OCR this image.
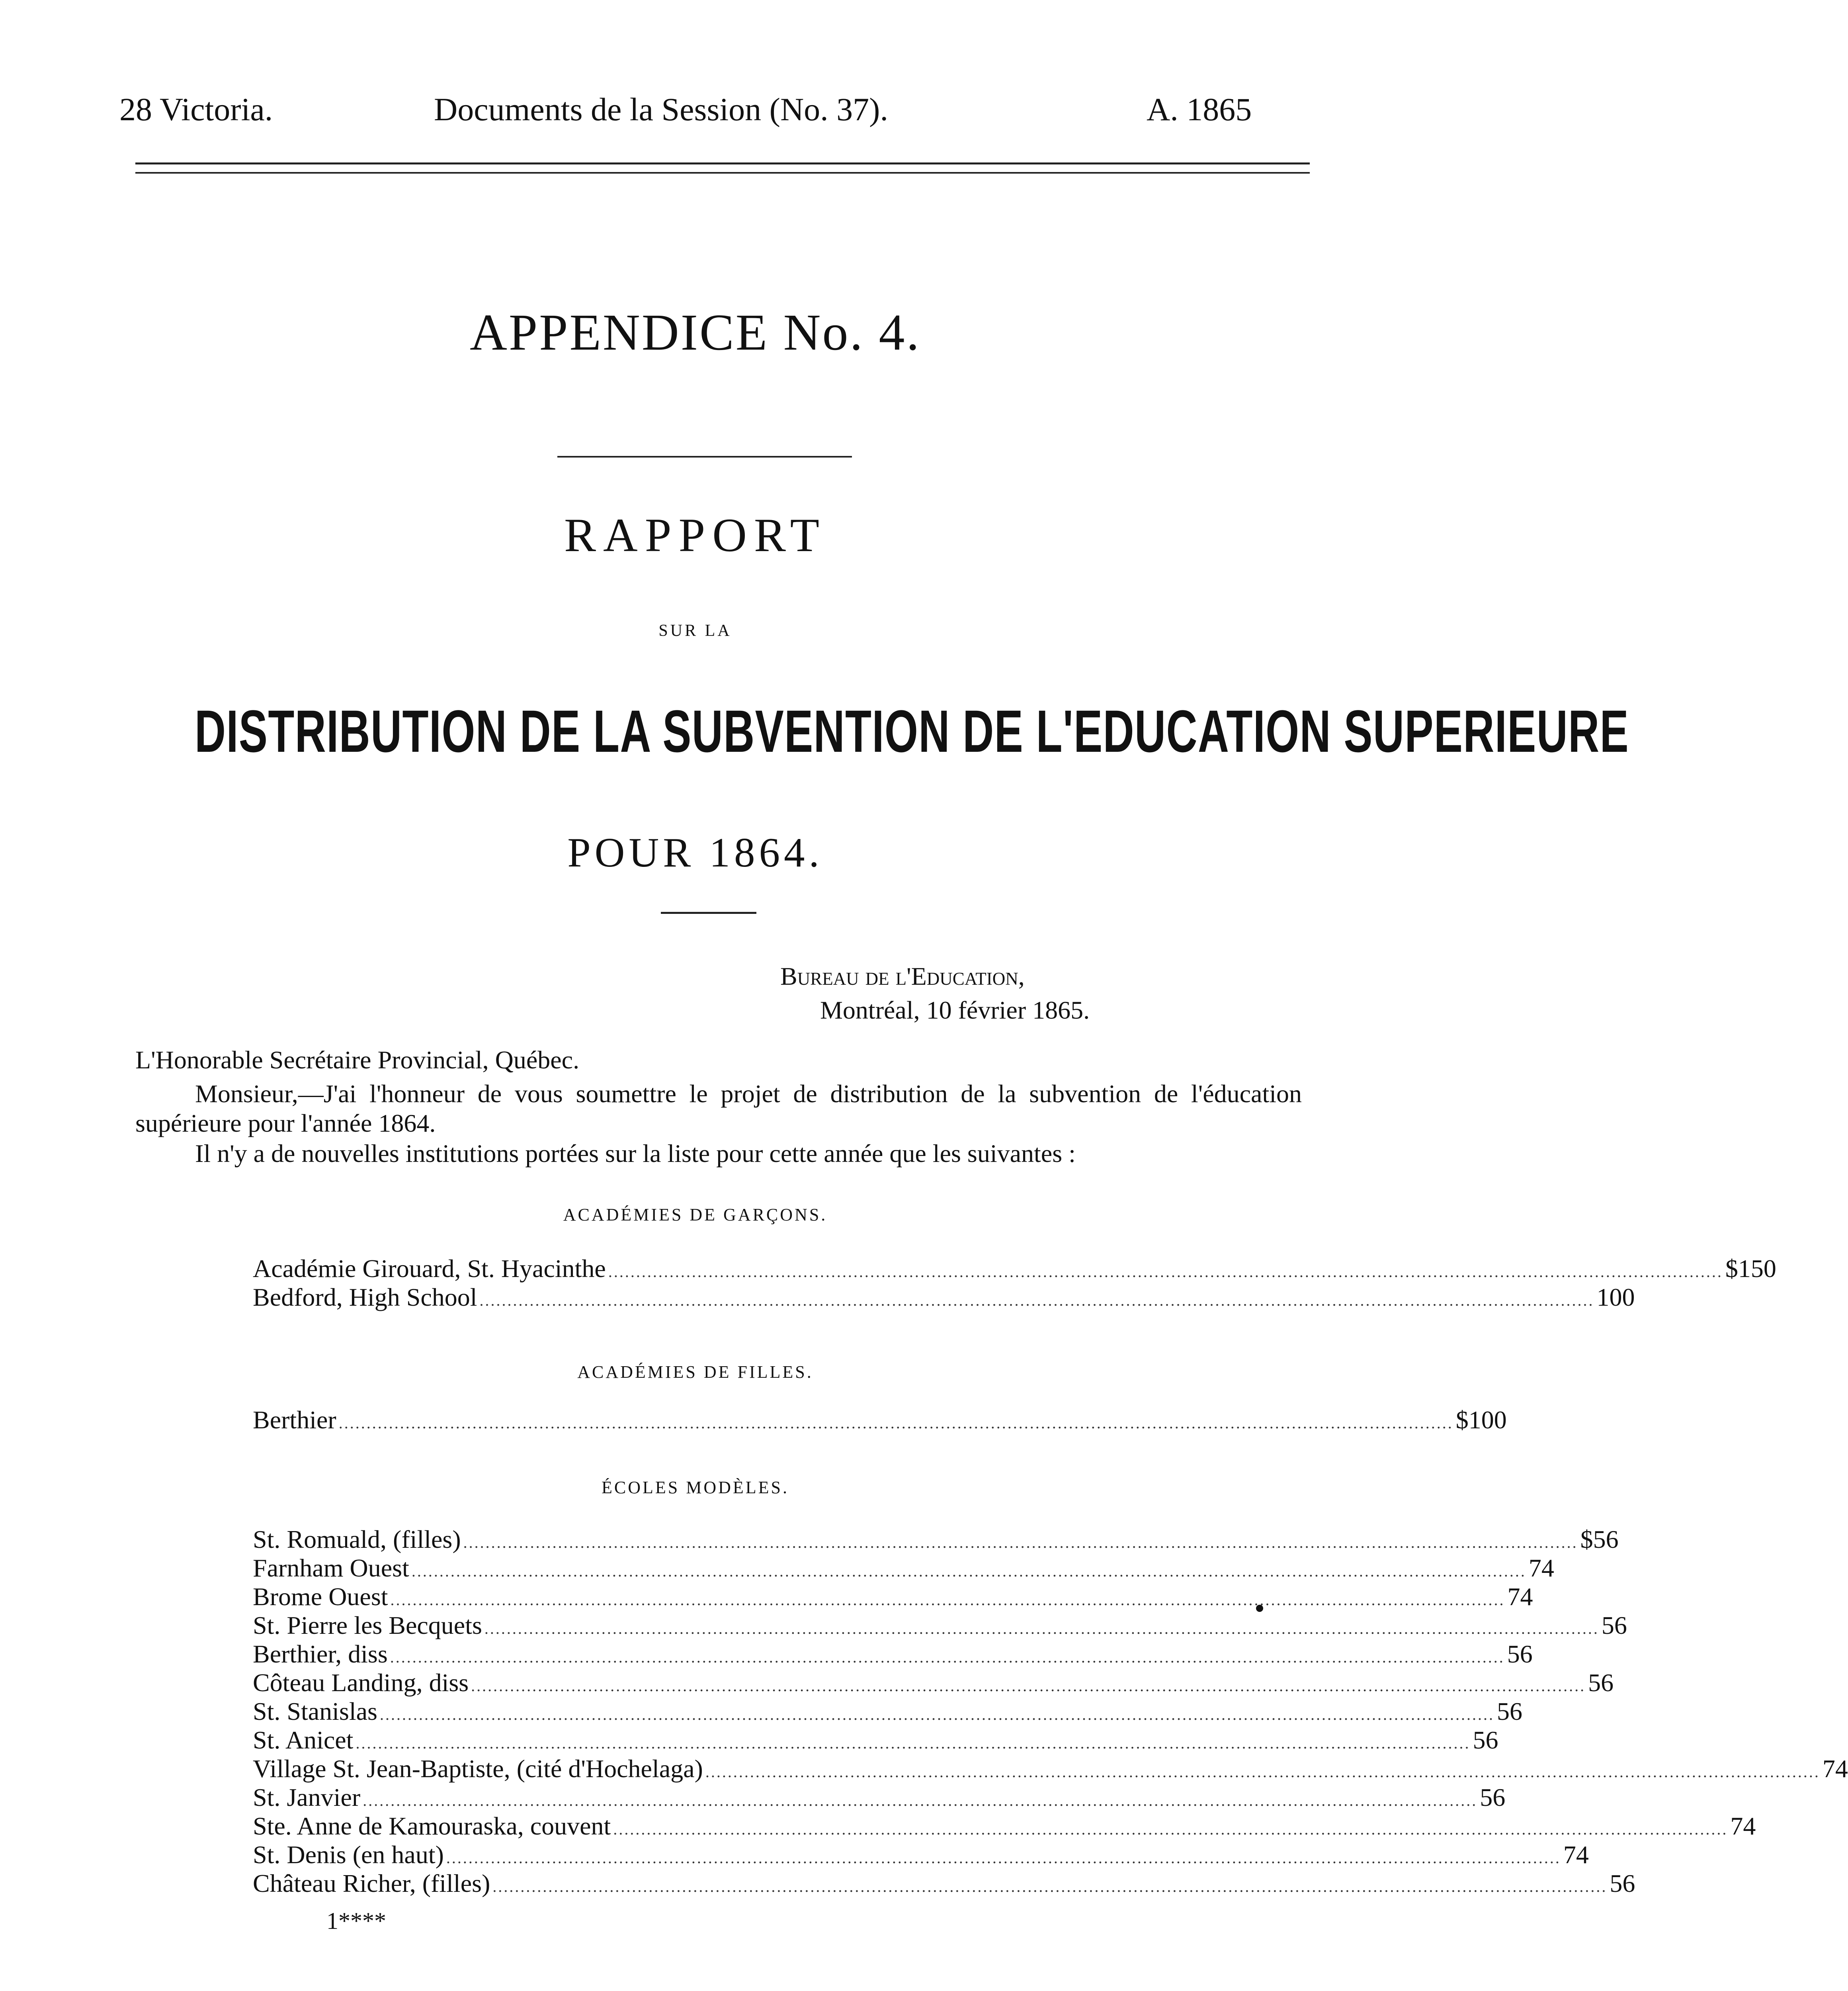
28 Victoria.	Documents de la Session (No. 37).	A. 1865
APPENDICE No. 4.
RAPPORT
SUR LA
DISTRIBUTION DE LA SUBVENTION DE L'EDUCATION SUPERIEURE
POUR 1864.
Bureau de l'Education,
Montréal, 10 février 1865.
L'Honorable Secrétaire Provincial, Québec.
Monsieur,—J'ai l'honneur de vous soumettre le projet de distribution de la subvention de l'éducation supérieure pour l'année 1864.
Il n'y a de nouvelles institutions portées sur la liste pour cette année que les suivantes :
ACADÉMIES DE GARÇONS.
Académie Girouard, St. Hyacinthe .....	$150
Bedford, High School .....	100
ACADÉMIES DE FILLES.
Berthier .....	$100
ÉCOLES MODÈLES.
St. Romuald, (filles) .....	$56
Farnham Ouest .....	74
Brome Ouest .....	74
St. Pierre les Becquets .....	56
Berthier, diss .....	56
Côteau Landing, diss .....	56
St. Stanislas .....	56
St. Anicet .....	56
Village St. Jean-Baptiste, (cité d'Hochelaga) .....	74
St. Janvier .....	56
Ste. Anne de Kamouraska, couvent .....	74
St. Denis (en haut) .....	74
Château Richer, (filles) .....	56
1****
